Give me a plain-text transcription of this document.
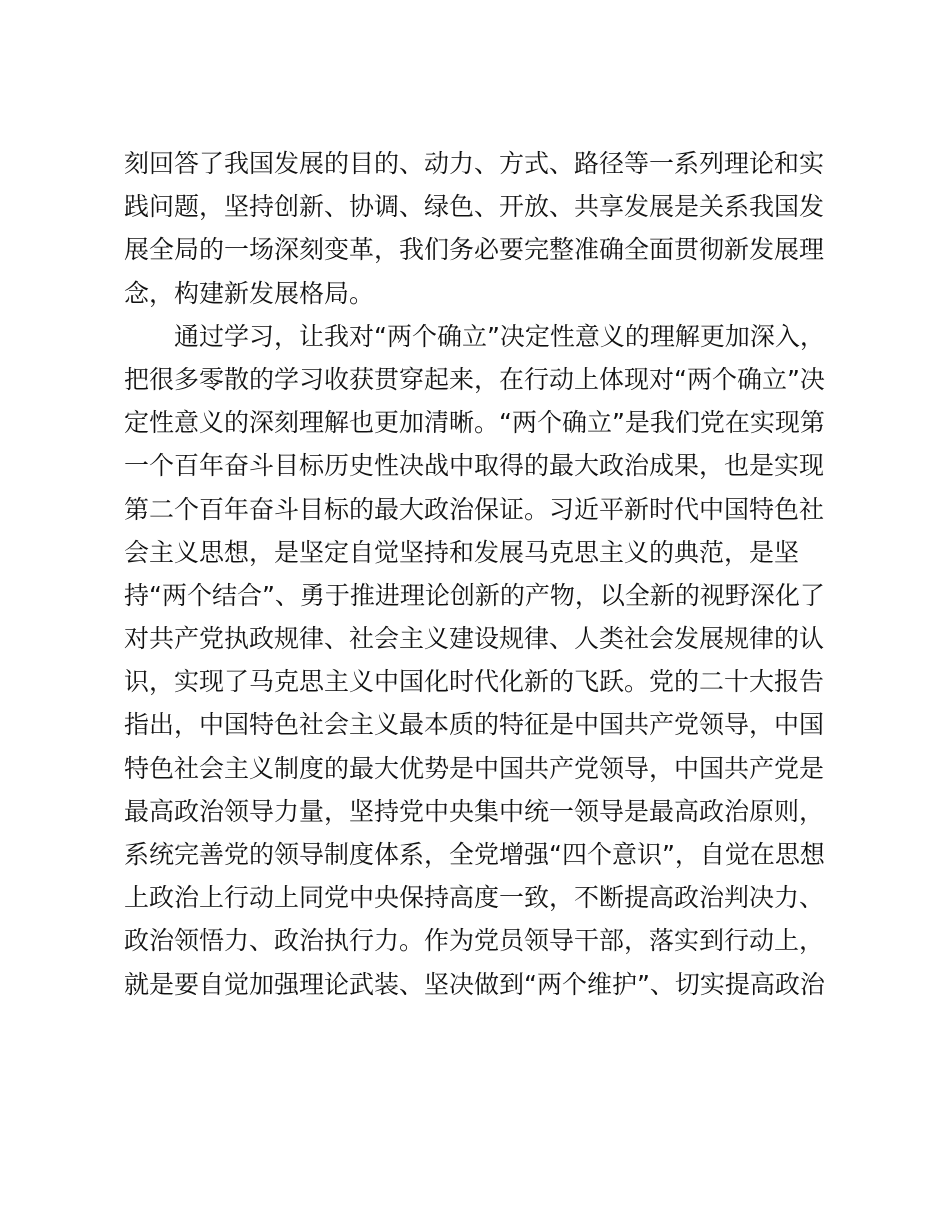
刻回答了我国发展的目的、动力、方式、路径等一系列理论和实
践问题，坚持创新、协调、绿色、开放、共享发展是关系我国发
展全局的一场深刻变革，我们务必要完整准确全面贯彻新发展理
念，构建新发展格局。
通过学习，让我对“两个确立”决定性意义的理解更加深入，
把很多零散的学习收获贯穿起来，在行动上体现对“两个确立”决
定性意义的深刻理解也更加清晰。“两个确立”是我们党在实现第
一个百年奋斗目标历史性决战中取得的最大政治成果，也是实现
第二个百年奋斗目标的最大政治保证。习近平新时代中国特色社
会主义思想，是坚定自觉坚持和发展马克思主义的典范，是坚
持“两个结合”、勇于推进理论创新的产物，以全新的视野深化了
对共产党执政规律、社会主义建设规律、人类社会发展规律的认
识，实现了马克思主义中国化时代化新的飞跃。党的二十大报告
指出，中国特色社会主义最本质的特征是中国共产党领导，中国
特色社会主义制度的最大优势是中国共产党领导，中国共产党是
最高政治领导力量，坚持党中央集中统一领导是最高政治原则，
系统完善党的领导制度体系，全党增强“四个意识”，自觉在思想
上政治上行动上同党中央保持高度一致，不断提高政治判决力、
政治领悟力、政治执行力。作为党员领导干部，落实到行动上，
就是要自觉加强理论武装、坚决做到“两个维护”、切实提高政治
